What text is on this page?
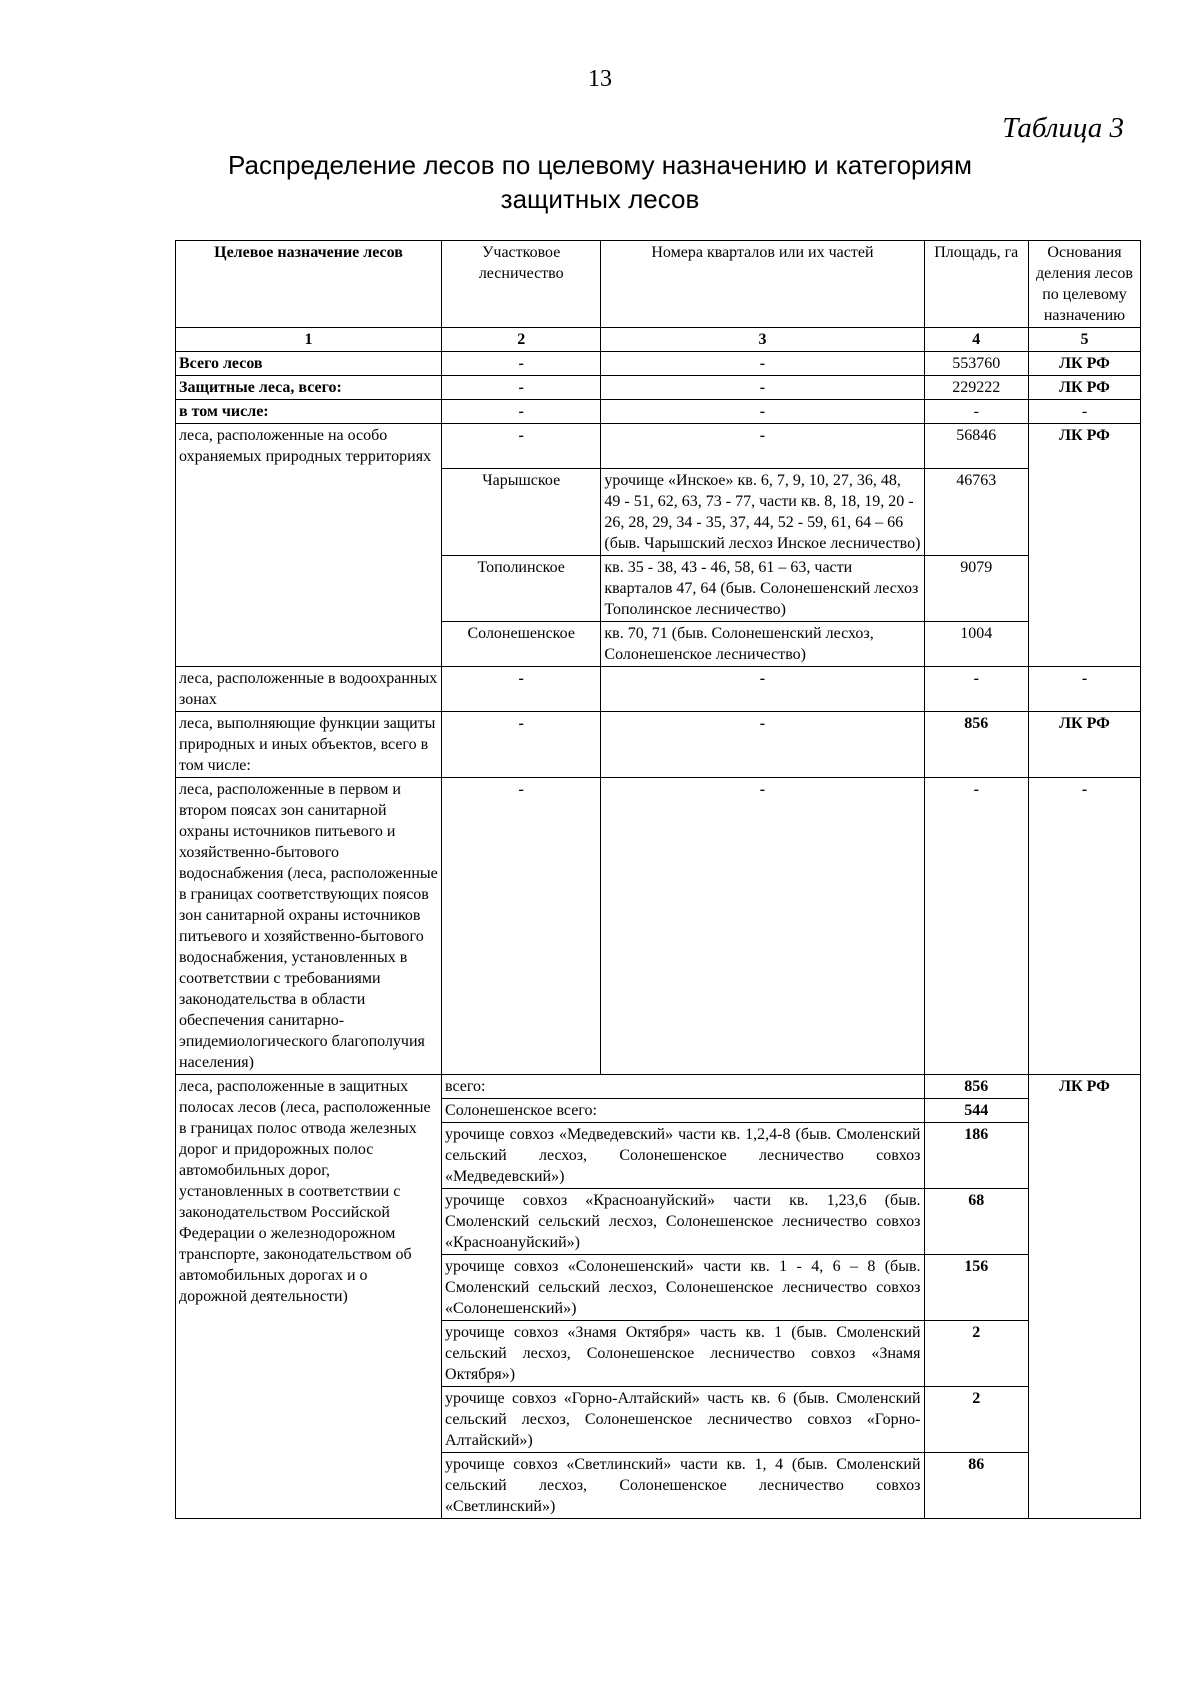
13
Таблица 3
Распределение лесов по целевому назначению и категориям
защитных лесов
Целевое назначение лесов	Участковое лесничество	Номера кварталов или их частей	Площадь, га	Основания деления лесов по целевому назначению
1	2	3	4	5
Всего лесов	-	-	553760	ЛК РФ
Защитные леса, всего:	-	-	229222	ЛК РФ
в том числе:	-	-	-	-
леса, расположенные на особо охраняемых природных территориях	-	-	56846	ЛК РФ
	Чарышское	урочище «Инское» кв. 6, 7, 9, 10, 27, 36, 48, 49 - 51, 62, 63, 73 - 77, части кв. 8, 18, 19, 20 - 26, 28, 29, 34 - 35, 37, 44, 52 - 59, 61, 64 – 66 (быв. Чарышский лесхоз Инское лесничество)	46763	
	Тополинское	кв. 35 - 38, 43 - 46, 58, 61 – 63, части кварталов 47, 64 (быв. Солонешенский лесхоз Тополинское лесничество)	9079	
	Солонешенское	кв. 70, 71 (быв. Солонешенский лесхоз, Солонешенское лесничество)	1004	
леса, расположенные в водоохранных зонах	-	-	-	-
леса, выполняющие функции защиты природных и иных объектов, всего в том числе:	-	-	856	ЛК РФ
леса, расположенные в первом и втором поясах зон санитарной охраны источников питьевого и хозяйственно-бытового водоснабжения (леса, расположенные в границах соответствующих поясов зон санитарной охраны источников питьевого и хозяйственно-бытового водоснабжения, установленных в соответствии с требованиями законодательства в области обеспечения санитарно-эпидемиологического благополучия населения)	-	-	-	-
леса, расположенные в защитных полосах лесов (леса, расположенные в границах полос отвода железных дорог и придорожных полос автомобильных дорог, установленных в соответствии с законодательством Российской Федерации о железнодорожном транспорте, законодательством об автомобильных дорогах и о дорожной деятельности)	всего:		856	ЛК РФ
	Солонешенское всего:		544	
	урочище совхоз «Медведевский» части кв. 1,2,4-8 (быв. Смоленский сельский лесхоз, Солонешенское лесничество совхоз «Медведевский»)		186	
	урочище совхоз «Красноануйский» части кв. 1,23,6 (быв. Смоленский сельский лесхоз, Солонешенское лесничество совхоз «Красноануйский»)		68	
	урочище совхоз «Солонешенский» части кв. 1 - 4, 6 – 8 (быв. Смоленский сельский лесхоз, Солонешенское лесничество совхоз «Солонешенский»)		156	
	урочище совхоз «Знамя Октября» часть кв. 1 (быв. Смоленский сельский лесхоз, Солонешенское лесничество совхоз «Знамя Октября»)		2	
	урочище совхоз «Горно-Алтайский» часть кв. 6 (быв. Смоленский сельский лесхоз, Солонешенское лесничество совхоз «Горно-Алтайский»)		2	
	урочище совхоз «Светлинский» части кв. 1, 4 (быв. Смоленский сельский лесхоз, Солонешенское лесничество совхоз «Светлинский»)		86	
